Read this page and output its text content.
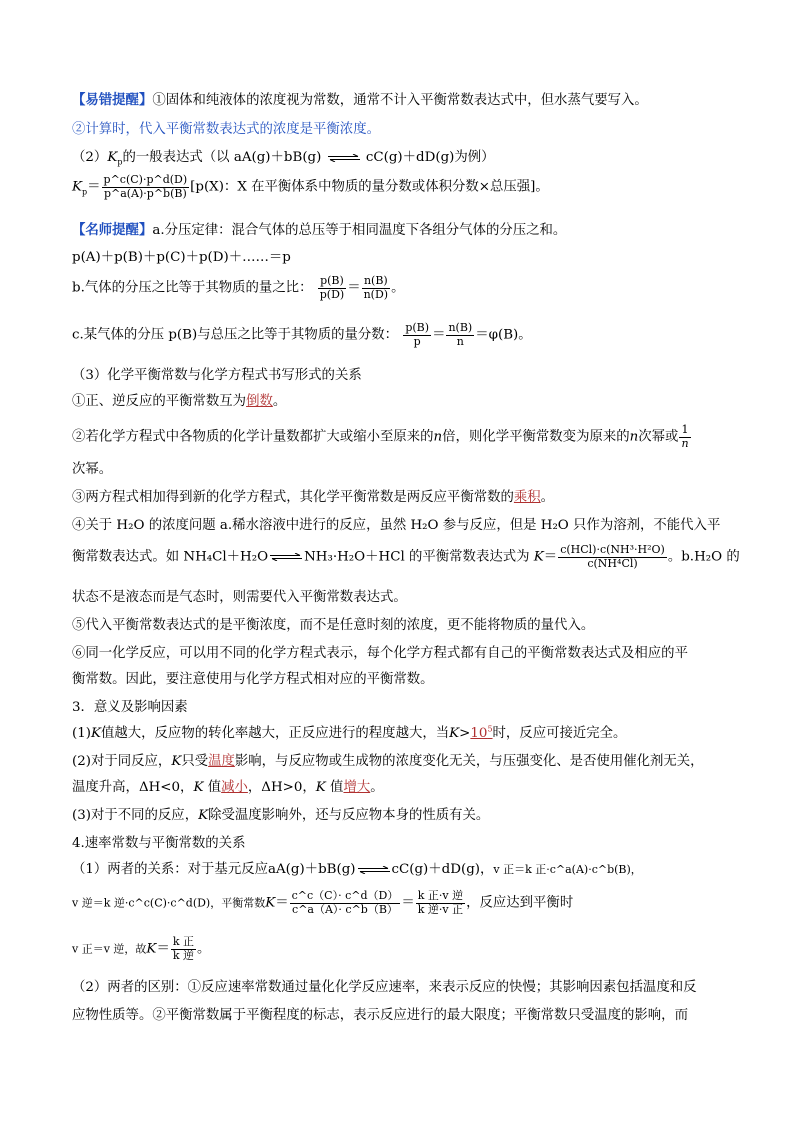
【易错提醒】①固体和纯液体的浓度视为常数，通常不计入平衡常数表达式中，但水蒸气要写入。
②计算时，代入平衡常数表达式的浓度是平衡浓度。
$(2)K_p$的一般表达式（以 aA(g)＋bB(g) ⇌ cC(g)＋dD(g)为例）
$K_p= \frac{p\^{}c(C)\cdot p\^{}d(D)}{p\^{}a(A)\cdot p\^{}b(B)} [p(X)$：X 在平衡体系中物质的量分数或体积分数×总压强]。
【名师提醒】a.分压定律：混合气体的总压等于相同温度下各组分气体的分压之和。
p(A)＋p(B)＋p(C)＋p(D)＋……＝p
b.气体的分压之比等于其物质的量之比： $\frac{p(B)}{p(D)} = \frac{n(B)}{n(D)}$ 。
c.某气体的分压 p(B)与总压之比等于其物质的量分数： $\frac{p(B)}{p} = \frac{n(B)}{n} =\varphi(B)$。
（3）化学平衡常数与化学方程式书写形式的关系
①正、逆反应的平衡常数互为倒数。
②若化学方程式中各物质的化学计量数都扩大或缩小至原来的n倍，则化学平衡常数变为原来的n次幂或 $\frac{1}{n}$
次幂。
③两方程式相加得到新的化学方程式，其化学平衡常数是两反应平衡常数的乘积。
④关于 H₂O 的浓度问题 a.稀水溶液中进行的反应，虽然 H₂O 参与反应，但是 H₂O 只作为溶剂，不能代入平
衡常数表达式。如 NH₄Cl＋H₂O⇌NH₃·H₂O＋HCl 的平衡常数表达式为 $K= \frac{\text{c(HCl)·c(NH³·H²O)}}{\text{c(NH⁴Cl)}}$ 。b.H₂O 的
状态不是液态而是气态时，则需要代入平衡常数表达式。
⑤代入平衡常数表达式的是平衡浓度，而不是任意时刻的浓度，更不能将物质的量代入。
⑥同一化学反应，可以用不同的化学方程式表示，每个化学方程式都有自己的平衡常数表达式及相应的平
衡常数。因此，要注意使用与化学方程式相对应的平衡常数。
3．意义及影响因素
(1)K值越大，反应物的转化率越大，正反应进行的程度越大，当$K>10^5$时，反应可接近完全。
(2)对于同反应，K只受温度影响，与反应物或生成物的浓度变化无关，与压强变化、是否使用催化剂无关，
温度升高，ΔH<0，K 值减小，ΔH>0，K 值增大。
(3)对于不同的反应，K除受温度影响外，还与反应物本身的性质有关。
4.速率常数与平衡常数的关系
（1）两者的关系：对于基元反应aA(g)＋bB(g)⇌cC(g)＋dD(g)，v 正＝k 正·c^a(A)·c^b(B)，
v 逆＝k 逆·c^c(C)·c^d(D)，平衡常数$K= \frac{c\^{}c(C)\cdot c\^{}d(D)}{c\^{}a(A)\cdot c\^{}b(B)} = \frac{\text{k 正·v 逆}}{\text{k 逆·v 正}}$ ，反应达到平衡时
v 正＝v 逆，故$K= \frac{\text{k 正}}{\text{k 逆}}$ 。
（2）两者的区别：①反应速率常数通过量化化学反应速率，来表示反应的快慢；其影响因素包括温度和反
应物性质等。②平衡常数属于平衡程度的标志，表示反应进行的最大限度；平衡常数只受温度的影响，而
